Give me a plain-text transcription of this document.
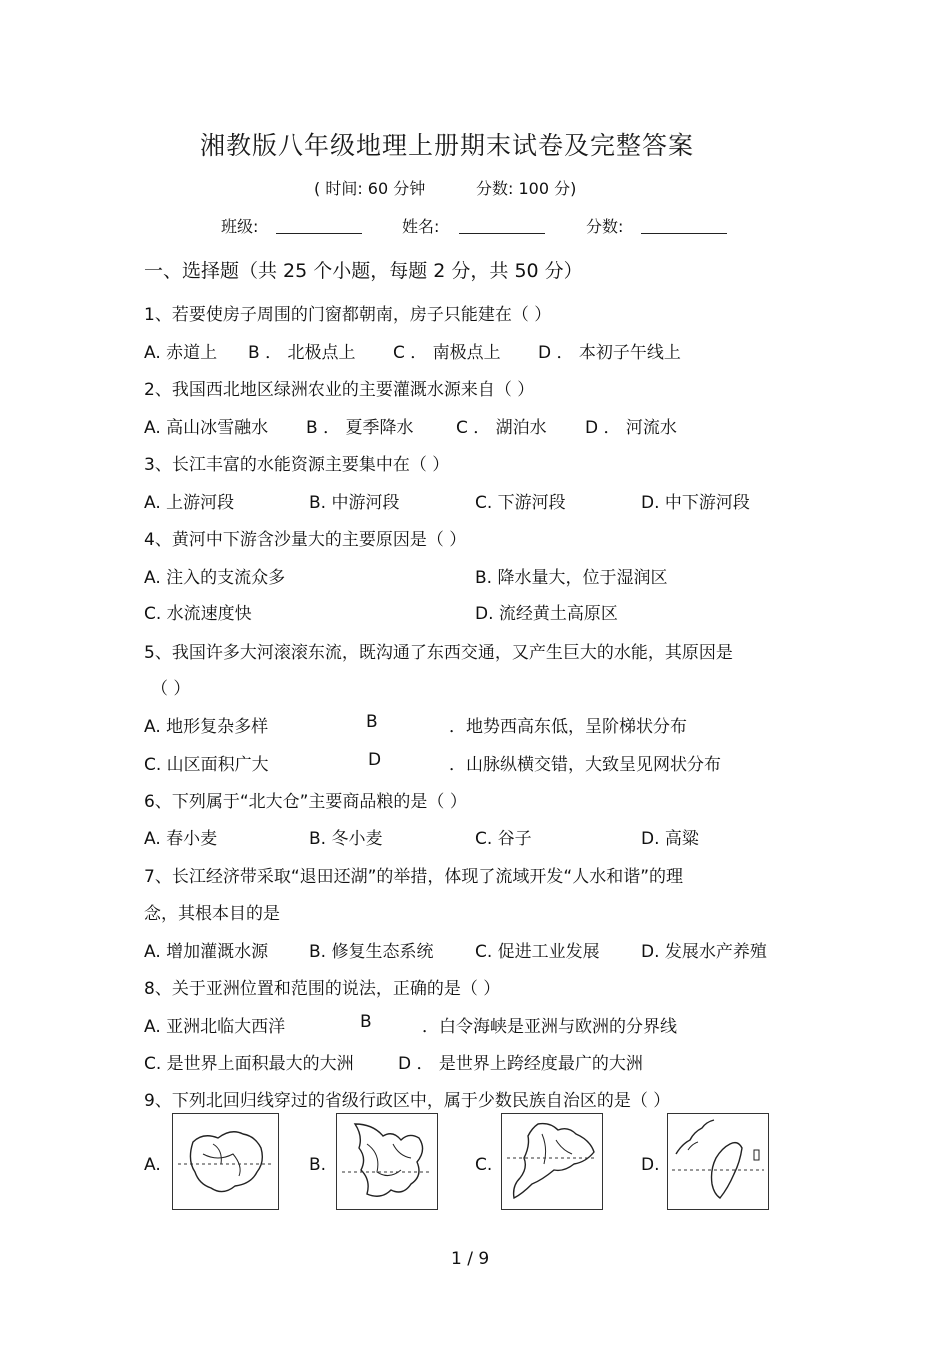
湘教版八年级地理上册期末试卷及完整答案
( 时间: 60 分钟	分数: 100 分)
班级:	姓名:	分数:
一、选择题（共 25 个小题，每题 2 分，共 50 分）
1、若要使房子周围的门窗都朝南，房子只能建在（ ）
A. 赤道上 B ． 北极点上 C ． 南极点上 D ． 本初子午线上
2、我国西北地区绿洲农业的主要灌溉水源来自（ ）
A. 高山冰雪融水 B ． 夏季降水	C ． 湖泊水 D ． 河流水
3、长江丰富的水能资源主要集中在（ ）
A. 上游河段	B. 中游河段	C. 下游河段	D. 中下游河段
4、黄河中下游含沙量大的主要原因是（ ）
A. 注入的支流众多	B. 降水量大，位于湿润区
C. 水流速度快	D. 流经黄土高原区
5、我国许多大河滚滚东流，既沟通了东西交通，又产生巨大的水能，其原因是
（ ）
A. 地形复杂多样	B	．地势西高东低，呈阶梯状分布
C. 山区面积广大	D	．山脉纵横交错，大致呈见网状分布
6、下列属于“北大仓”主要商品粮的是（ ）
A. 春小麦	B. 冬小麦	C. 谷子	D. 高粱
7、长江经济带采取“退田还湖”的举措，体现了流域开发“人水和谐”的理
念，其根本目的是
A. 增加灌溉水源 B. 修复生态系统 C. 促进工业发展 D. 发展水产养殖
8、关于亚洲位置和范围的说法，正确的是（ ）
A. 亚洲北临大西洋	B	．白令海峡是亚洲与欧洲的分界线
C. 是世界上面积最大的大洲	D ． 是世界上跨经度最广的大洲
9、下列北回归线穿过的省级行政区中，属于少数民族自治区的是（ ）
A.	B.	C.	D.
1 / 9
